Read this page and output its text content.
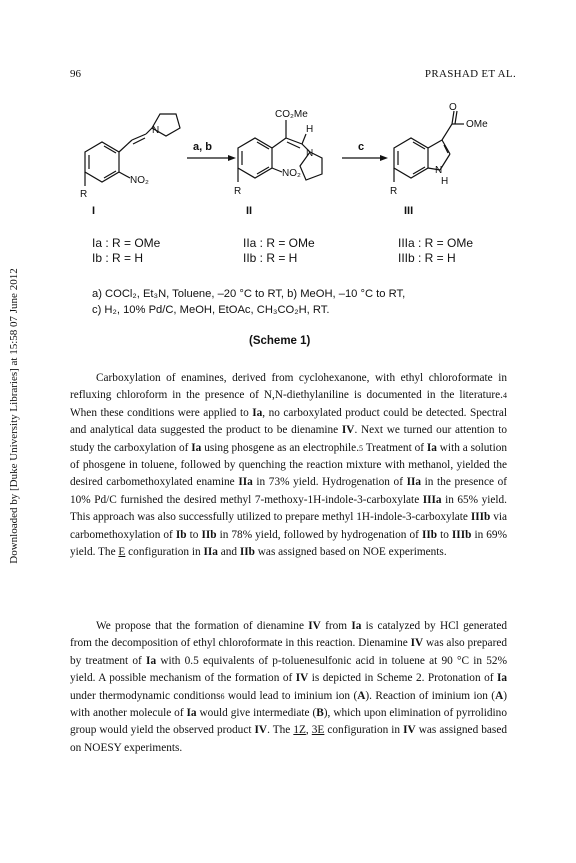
96	PRASHAD ET AL.
Downloaded by [Duke University Libraries] at 15:58 07 June 2012
N
NO₂
R
a, b
CO₂Me
H
N
NO₂
R
c
O
OMe
N
H
R
I	II	III
Ia : R = OMe
Ib : R = H
IIa : R = OMe
IIb : R = H
IIIa : R = OMe
IIIb : R = H
a) COCl₂, Et₃N, Toluene, –20 °C to RT, b) MeOH, –10 °C to RT,
c) H₂, 10% Pd/C, MeOH, EtOAc, CH₃CO₂H, RT.
(Scheme 1)

Carboxylation of enamines, derived from cyclohexanone, with ethyl chloroformate in refluxing chloroform in the presence of N,N-diethylaniline is documented in the literature.$^4$ When these conditions were applied to Ia, no carboxylated product could be detected. Spectral and analytical data suggested the product to be dienamine IV. Next we turned our attention to study the carboxylation of Ia using phosgene as an electrophile.$^5$ Treatment of Ia with a solution of phosgene in toluene, followed by quenching the reaction mixture with methanol, yielded the desired carbomethoxylated enamine IIa in 73% yield. Hydrogenation of IIa in the presence of 10% Pd/C furnished the desired methyl 7-methoxy-1H-indole-3-carboxylate IIIa in 65% yield. This approach was also successfully utilized to prepare methyl 1H-indole-3-carboxylate IIIb via carbomethoxylation of Ib to IIb in 78% yield, followed by hydrogenation of IIb to IIIb in 69% yield. The E configuration in IIa and IIb was assigned based on NOE experiments.

We propose that the formation of dienamine IV from Ia is catalyzed by HCl generated from the decomposition of ethyl chloroformate in this reaction. Dienamine IV was also prepared by treatment of Ia with 0.5 equivalents of p-toluenesulfonic acid in toluene at 90 °C in 52% yield. A possible mechanism of the formation of IV is depicted in Scheme 2. Protonation of Ia under thermodynamic conditions$^6$ would lead to iminium ion (A). Reaction of iminium ion (A) with another molecule of Ia would give intermediate (B), which upon elimination of pyrrolidino group would yield the observed product IV. The 1Z, 3E configuration in IV was assigned based on NOESY experiments.
